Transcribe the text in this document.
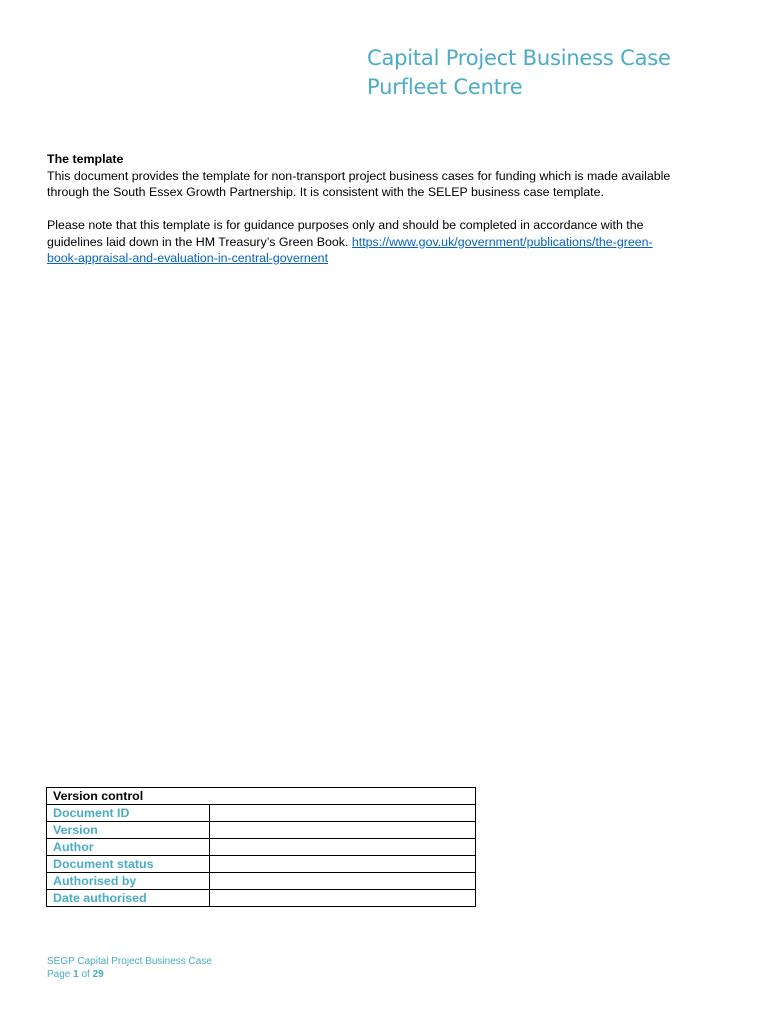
Capital Project Business Case
Purfleet Centre

The template

This document provides the template for non-transport project business cases for funding which is made available

through the South Essex Growth Partnership. It is consistent with the SELEP business case template.

Please note that this template is for guidance purposes only and should be completed in accordance with the

guidelines laid down in the HM Treasury’s Green Book. https://www.gov.uk/government/publications/the-green-

book-appraisal-and-evaluation-in-central-governent

Version control	
Document ID	
Version	
Author	
Document status	
Authorised by	
Date authorised	
SEGP Capital Project Business Case
Page 1 of 29
